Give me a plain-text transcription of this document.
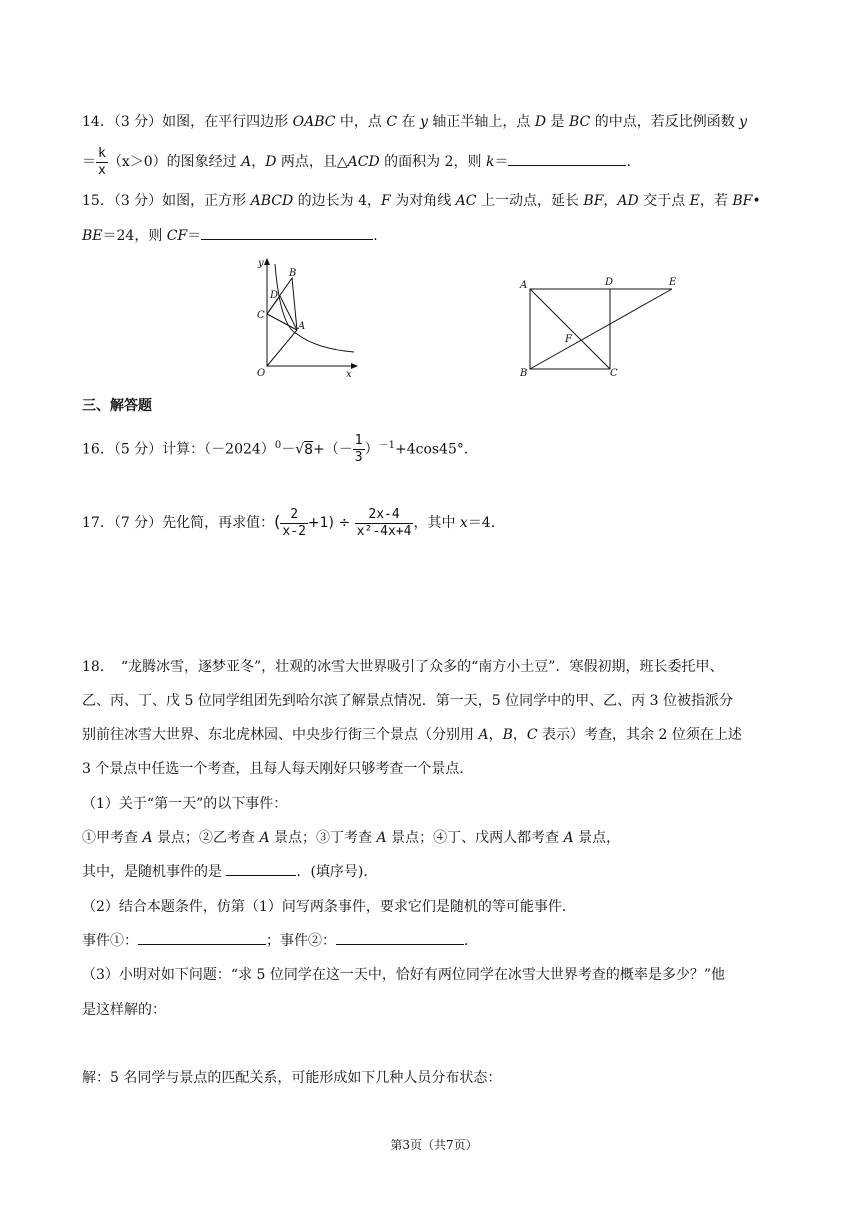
14．（3 分）如图，在平行四边形 OABC 中，点 C 在 y 轴正半轴上，点 D 是 BC 的中点，若反比例函数 y
＝ $\frac{k}{x} (x>0)$的图象经过 A，D 两点，且△ACD 的面积为 2，则 k＝	.
15．（3 分）如图，正方形 ABCD 的边长为 4，F 为对角线 AC 上一动点，延长 BF，AD 交于点 E，若 BF•
BE＝24，则 CF＝	.
y
x
O
C
D
B
A
A	D	E
F
B	C
三、解答题
16．（5 分）计算：$(-2024)^0-√8+(- \frac{1}{3} )^{-1}+4\cos 45^\circ$．
17．（7 分）先化简，再求值：( $\frac{2}{x-2} +1) \div \frac{2x-4}{\text{x²-4x+4}}$ ，其中 x＝4.
18．　“龙腾冰雪，逐梦亚冬”，壮观的冰雪大世界吸引了众多的“南方小土豆”．寒假初期，班长委托甲、
乙、丙、丁、戊 5 位同学组团先到哈尔滨了解景点情况．第一天，5 位同学中的甲、乙、丙 3 位被指派分
别前往冰雪大世界、东北虎林园、中央步行街三个景点（分别用 A，B，C 表示）考查，其余 2 位须在上述
3 个景点中任选一个考查，且每人每天刚好只够考查一个景点．
（1）关于“第一天”的以下事件：
①甲考查 A 景点；②乙考查 A 景点；③丁考查 A 景点；④丁、戊两人都考查 A 景点，
其中，是随机事件的是	．(填序号)．
（2）结合本题条件，仿第（1）问写两条事件，要求它们是随机的等可能事件．
事件①：	；事件②：	．
（3）小明对如下问题：“求 5 位同学在这一天中，恰好有两位同学在冰雪大世界考查的概率是多少？”他
是这样解的：
解：5 名同学与景点的匹配关系，可能形成如下几种人员分布状态：
第3页（共7页）
